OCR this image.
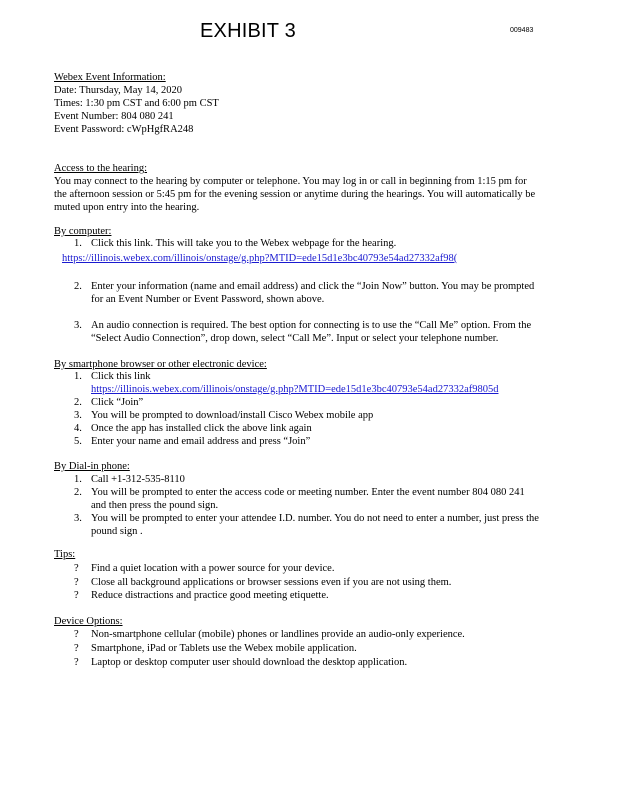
EXHIBIT 3	009483
Webex Event Information:
Date: Thursday, May 14, 2020
Times: 1:30 pm CST and 6:00 pm CST
Event Number: 804 080 241
Event Password: cWpHgfRA248
Access to the hearing:
You may connect to the hearing by computer or telephone. You may log in or call in beginning from 1:15 pm for
the afternoon session or 5:45 pm for the evening session or anytime during the hearings. You will automatically be
muted upon entry into the hearing.
By computer:
1. Click this link. This will take you to the Webex webpage for the hearing.
https://illinois.webex.com/illinois/onstage/g.php?MTID=ede15d1e3bc40793e54ad27332af98(
2. Enter your information (name and email address) and click the “Join Now” button. You may be prompted
for an Event Number or Event Password, shown above.
3. An audio connection is required. The best option for connecting is to use the “Call Me” option. From the
“Select Audio Connection”, drop down, select “Call Me”. Input or select your telephone number.
By smartphone browser or other electronic device:
1. Click this link
https://illinois.webex.com/illinois/onstage/g.php?MTID=ede15d1e3bc40793e54ad27332af9805d
2. Click “Join”
3. You will be prompted to download/install Cisco Webex mobile app
4. Once the app has installed click the above link again
5. Enter your name and email address and press “Join”
By Dial-in phone:
1. Call +1-312-535-8110
2. You will be prompted to enter the access code or meeting number. Enter the event number 804 080 241
and then press the pound sign.
3. You will be prompted to enter your attendee I.D. number. You do not need to enter a number, just press the
pound sign .
Tips:
? Find a quiet location with a power source for your device.
? Close all background applications or browser sessions even if you are not using them.
? Reduce distractions and practice good meeting etiquette.
Device Options:
? Non-smartphone cellular (mobile) phones or landlines provide an audio-only experience.
? Smartphone, iPad or Tablets use the Webex mobile application.
? Laptop or desktop computer user should download the desktop application.
